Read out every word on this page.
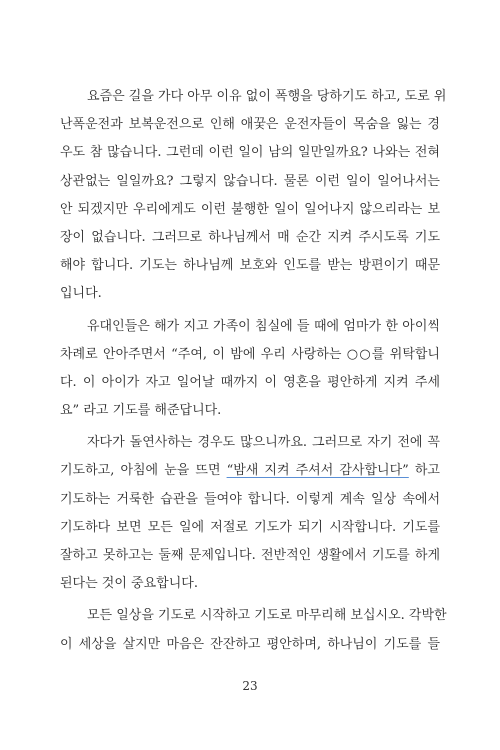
요즘은 길을 가다 아무 이유 없이 폭행을 당하기도 하고, 도로 위
난폭운전과 보복운전으로 인해 애꿎은 운전자들이 목숨을 잃는 경
우도 참 많습니다. 그런데 이런 일이 남의 일만일까요? 나와는 전혀
상관없는 일일까요? 그렇지 않습니다. 물론 이런 일이 일어나서는
안 되겠지만 우리에게도 이런 불행한 일이 일어나지 않으리라는 보
장이 없습니다. 그러므로 하나님께서 매 순간 지켜 주시도록 기도
해야 합니다. 기도는 하나님께 보호와 인도를 받는 방편이기 때문
입니다.
유대인들은 해가 지고 가족이 침실에 들 때에 엄마가 한 아이씩
차례로 안아주면서 “주여, 이 밤에 우리 사랑하는 ○○를 위탁합니
다. 이 아이가 자고 일어날 때까지 이 영혼을 평안하게 지켜 주세
요” 라고 기도를 해준답니다.
자다가 돌연사하는 경우도 많으니까요. 그러므로 자기 전에 꼭
기도하고, 아침에 눈을 뜨면 “밤새 지켜 주셔서 감사합니다” 하고
기도하는 거룩한 습관을 들여야 합니다. 이렇게 계속 일상 속에서
기도하다 보면 모든 일에 저절로 기도가 되기 시작합니다. 기도를
잘하고 못하고는 둘째 문제입니다. 전반적인 생활에서 기도를 하게
된다는 것이 중요합니다.
모든 일상을 기도로 시작하고 기도로 마무리해 보십시오. 각박한
이 세상을 살지만 마음은 잔잔하고 평안하며, 하나님이 기도를 들
23
